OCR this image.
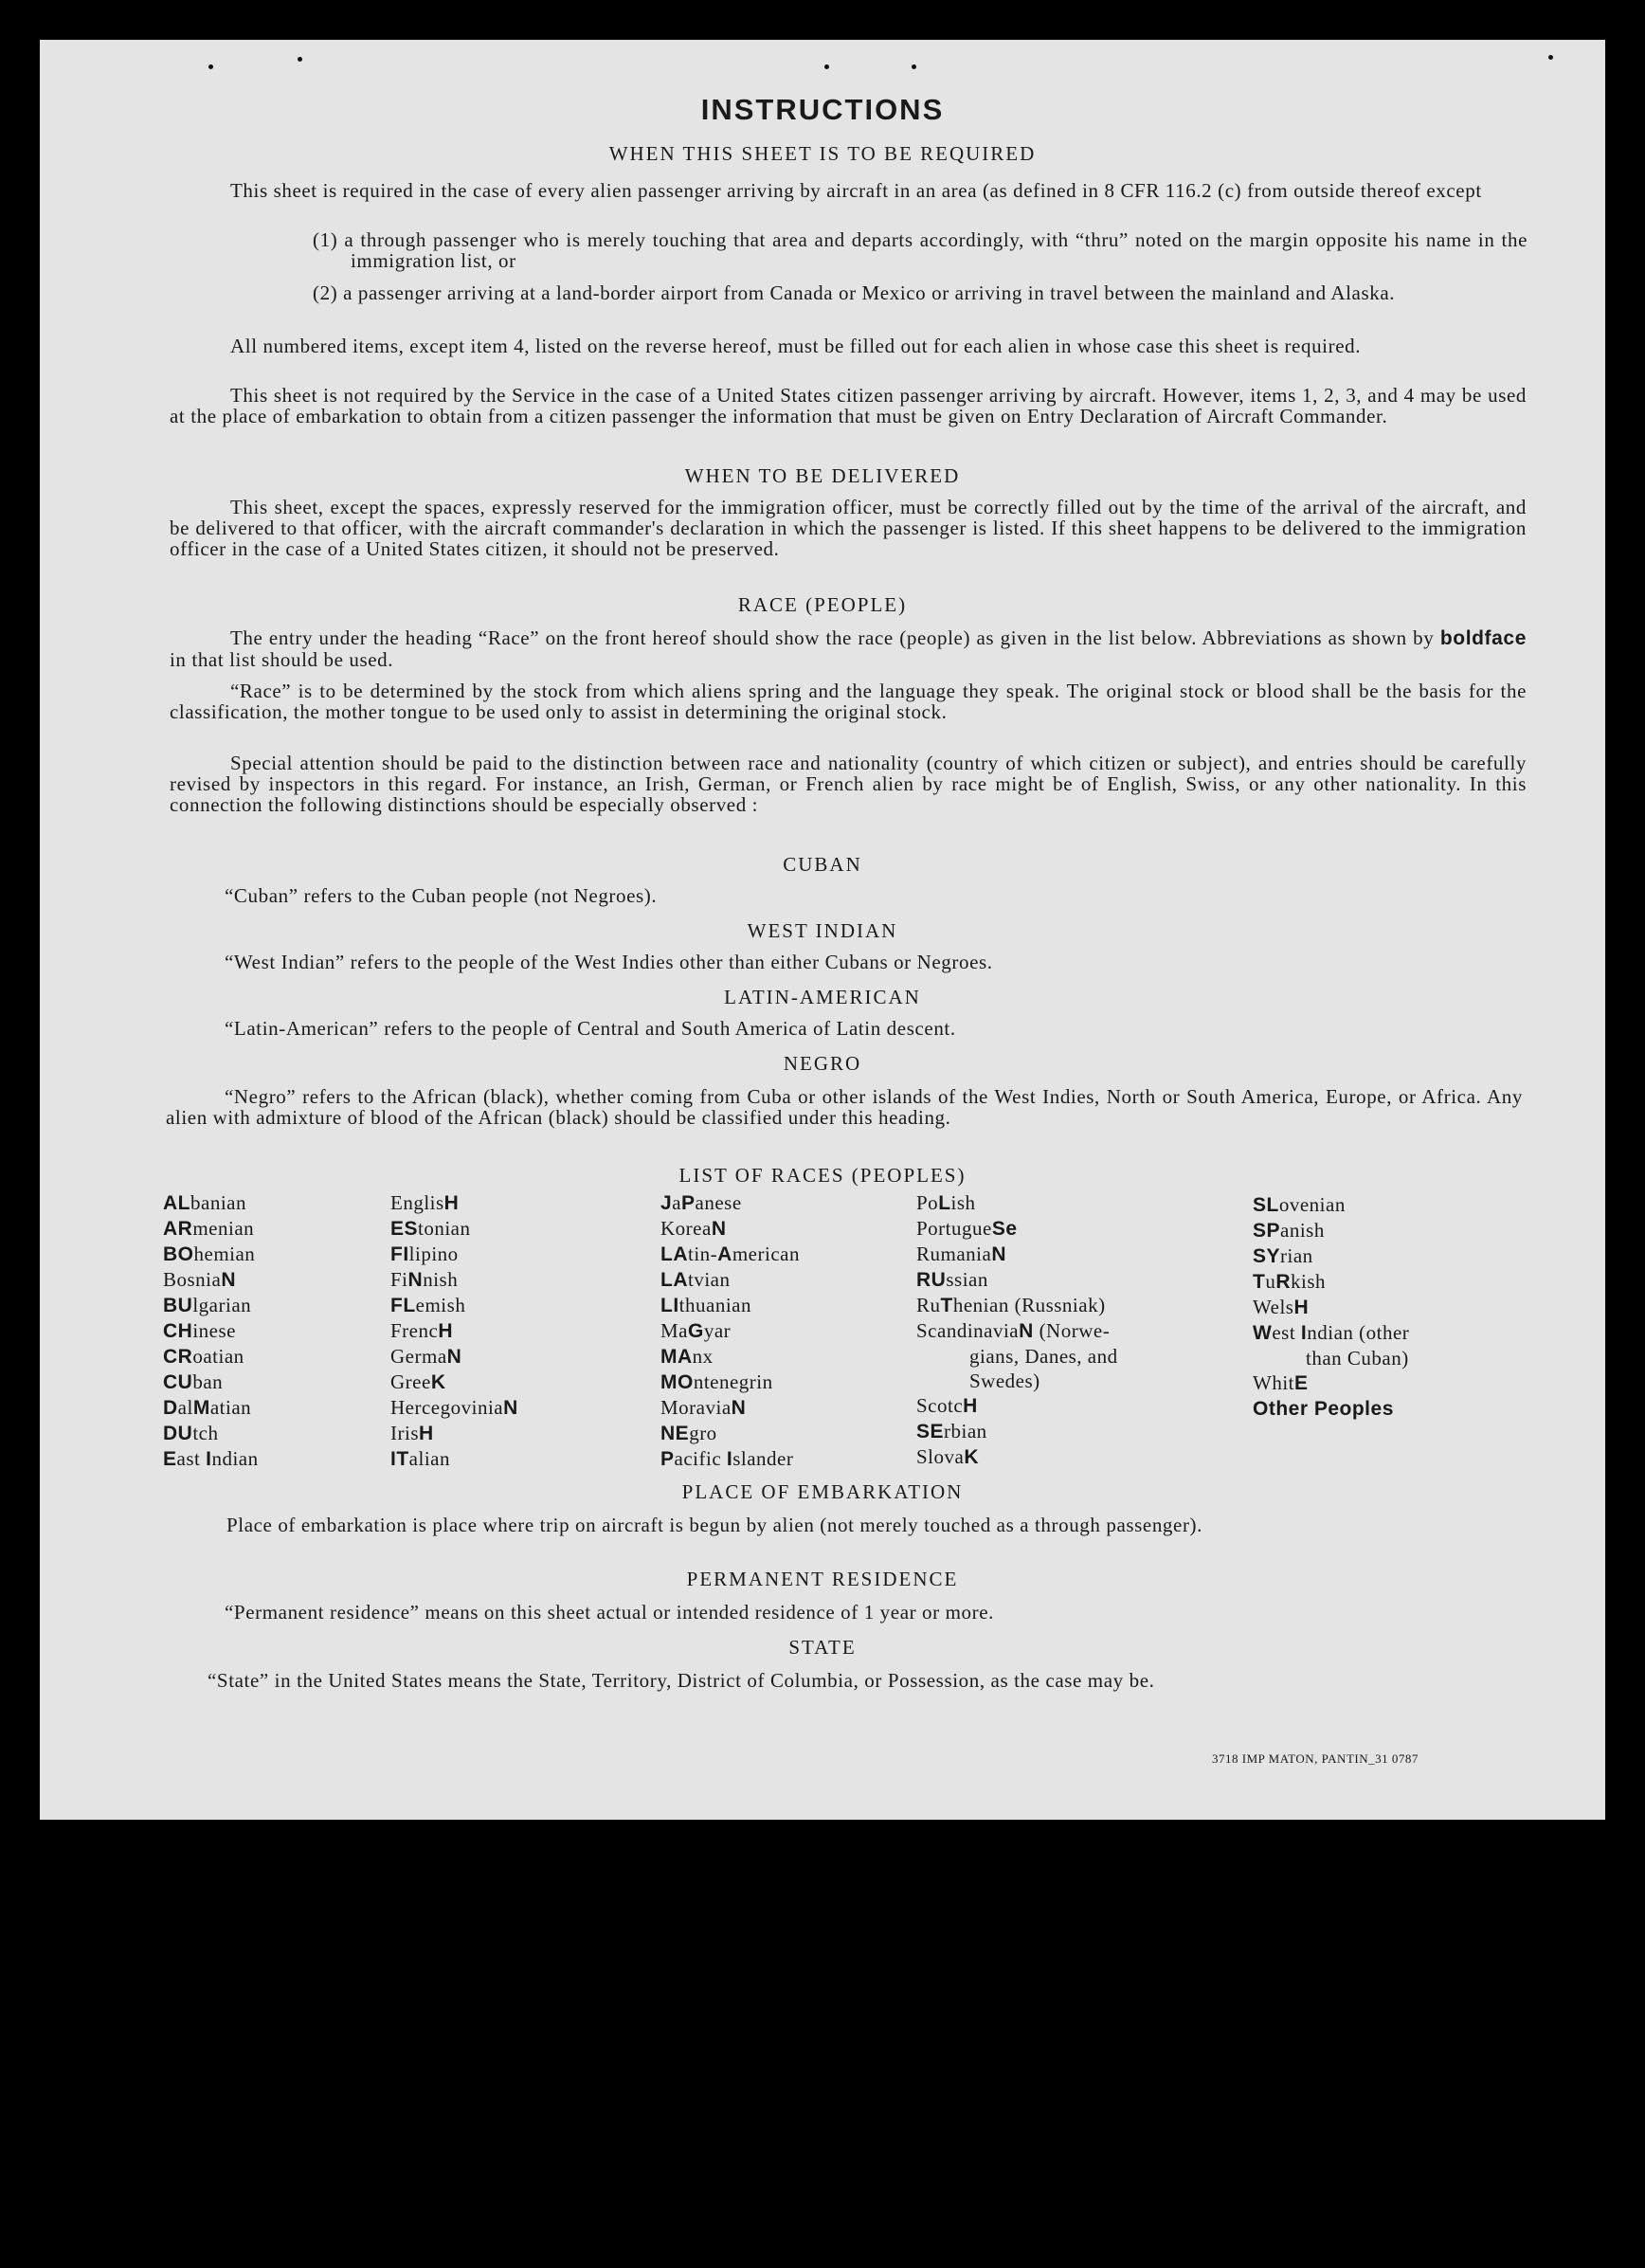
INSTRUCTIONS
WHEN THIS SHEET IS TO BE REQUIRED

This sheet is required in the case of every alien passenger arriving by aircraft in an area (as defined in 8 CFR 116.2 (c) from outside thereof except

(1) a through passenger who is merely touching that area and departs accordingly, with “thru” noted on the margin opposite his name in the immigration list, or

(2) a passenger arriving at a land-border airport from Canada or Mexico or arriving in travel between the mainland and Alaska.

All numbered items, except item 4, listed on the reverse hereof, must be filled out for each alien in whose case this sheet is required.

This sheet is not required by the Service in the case of a United States citizen passenger arriving by aircraft. However, items 1, 2, 3, and 4 may be used at the place of embarkation to obtain from a citizen passenger the information that must be given on Entry Declaration of Aircraft Commander.

WHEN TO BE DELIVERED

This sheet, except the spaces, expressly reserved for the immigration officer, must be correctly filled out by the time of the arrival of the aircraft, and be delivered to that officer, with the aircraft commander's declaration in which the passenger is listed. If this sheet happens to be delivered to the immigration officer in the case of a United States citizen, it should not be preserved.

RACE (PEOPLE)

The entry under the heading “Race” on the front hereof should show the race (people) as given in the list below. Abbreviations as shown by boldface in that list should be used.

“Race” is to be determined by the stock from which aliens spring and the language they speak. The original stock or blood shall be the basis for the classification, the mother tongue to be used only to assist in determining the original stock.

Special attention should be paid to the distinction between race and nationality (country of which citizen or subject), and entries should be carefully revised by inspectors in this regard. For instance, an Irish, German, or French alien by race might be of English, Swiss, or any other nationality. In this connection the following distinctions should be especially observed :

CUBAN

“Cuban” refers to the Cuban people (not Negroes).

WEST INDIAN

“West Indian” refers to the people of the West Indies other than either Cubans or Negroes.

LATIN-AMERICAN

“Latin-American” refers to the people of Central and South America of Latin descent.

NEGRO

“Negro” refers to the African (black), whether coming from Cuba or other islands of the West Indies, North or South America, Europe, or Africa. Any alien with admixture of blood of the African (black) should be classified under this heading.

LIST OF RACES (PEOPLES)
ALbanian
ARmenian
BOhemian
BosniaN
BUlgarian
CHinese
CRoatian
CUban
DalMatian
DUtch
East Indian
EnglisH
EStonian
FIlipino
FiNnish
FLemish
FrencH
GermaN
GreeK
HercegoviniaN
IrisH
ITalian
JaPanese
KoreaN
LAtin-American
LAtvian
LIthuanian
MaGyar
MAnx
MOntenegrin
MoraviaN
NEgro
Pacific Islander
PoLish
PortugueSe
RumaniaN
RUssian
RuThenian (Russniak)
ScandinaviaN (Norwe-
gians, Danes, and
Swedes)
ScotcH
SErbian
SlovaK
SLovenian
SPanish
SYrian
TuRkish
WelsH
West Indian (other
than Cuban)
WhitE
Other Peoples
PLACE OF EMBARKATION

Place of embarkation is place where trip on aircraft is begun by alien (not merely touched as a through passenger).

PERMANENT RESIDENCE

“Permanent residence” means on this sheet actual or intended residence of 1 year or more.

STATE

“State” in the United States means the State, Territory, District of Columbia, or Possession, as the case may be.

3718 IMP MATON, PANTIN_31 0787
